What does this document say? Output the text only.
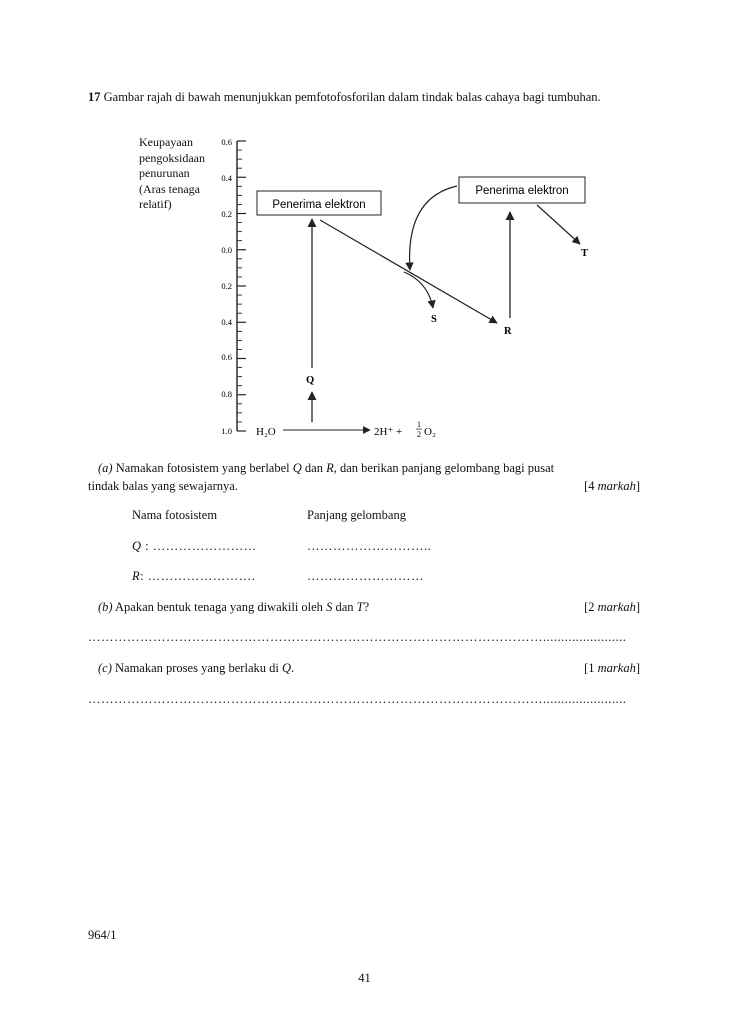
17 Gambar rajah di bawah menunjukkan pemfotofosforilan dalam tindak balas cahaya bagi tumbuhan.
Keupayaan
pengoksidaan
penurunan
(Aras tenaga
relatif)
0.6
0.4
0.2
0.0
0.2
0.4
0.6
0.8
1.0 H₂O	2H⁺ +
1
2 O₂
Q
Penerima elektron
R
S
Penerima elektron
T
(a) Namakan fotosistem yang berlabel Q dan R, dan berikan panjang gelombang bagi pusat
tindak balas yang sewajarnya.	[4 markah]
Nama fotosistem	Panjang gelombang
Q : ……………………	………………………..
R: …………………….	………………………
(b) Apakan bentuk tenaga yang diwakili oleh S dan T?	[2 markah]
…………………………………………………………………………………………….......................
(c) Namakan proses yang berlaku di Q.	[1 markah]
…………………………………………………………………………………………….......................
964/1
41
